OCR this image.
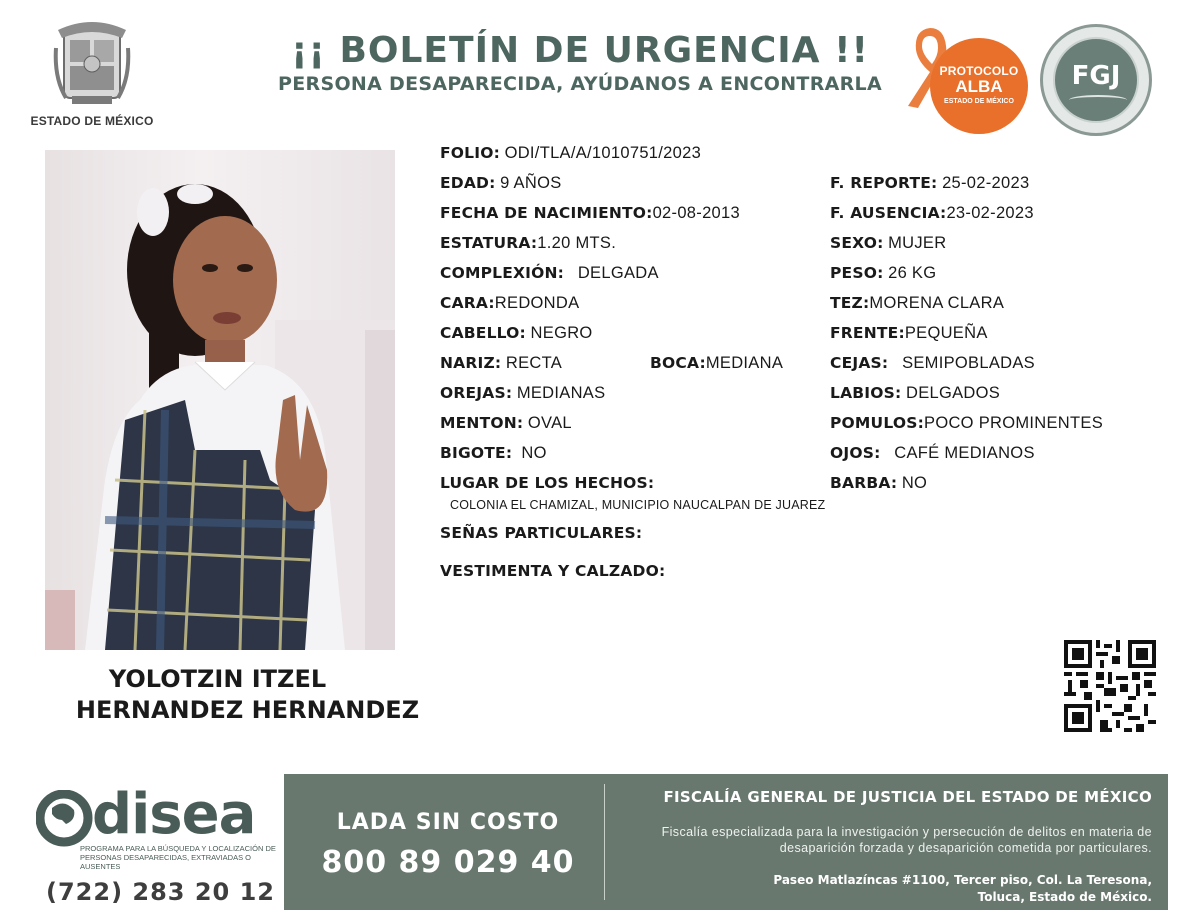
ESTADO DE MÉXICO
¡¡ BOLETÍN DE URGENCIA !!
PERSONA DESAPARECIDA, AYÚDANOS A ENCONTRARLA
PROTOCOLO
ALBA
ESTADO DE MÉXICO
FGJ
YOLOTZIN ITZEL
HERNANDEZ HERNANDEZ
FOLIO: ODI/TLA/A/1010751/2023
EDAD: 9 AÑOS	F. REPORTE: 25-02-2023
FECHA DE NACIMIENTO:02-08-2013	F. AUSENCIA:23-02-2023
ESTATURA:1.20 MTS.	SEXO: MUJER
COMPLEXIÓN: DELGADA	PESO: 26 KG
CARA:REDONDA	TEZ:MORENA CLARA
CABELLO: NEGRO	FRENTE:PEQUEÑA
NARIZ: RECTA	BOCA:MEDIANA	CEJAS: SEMIPOBLADAS
OREJAS: MEDIANAS	LABIOS: DELGADOS
MENTON: OVAL	POMULOS:POCO PROMINENTES
BIGOTE: NO	OJOS: CAFÉ MEDIANOS
LUGAR DE LOS HECHOS:	BARBA: NO
COLONIA EL CHAMIZAL, MUNICIPIO NAUCALPAN DE JUAREZ
SEÑAS PARTICULARES:
VESTIMENTA Y CALZADO:
disea
PROGRAMA PARA LA BÚSQUEDA Y LOCALIZACIÓN DE PERSONAS DESAPARECIDAS, EXTRAVIADAS O AUSENTES
(722) 283 20 12
LADA SIN COSTO
800 89 029 40
FISCALÍA GENERAL DE JUSTICIA DEL ESTADO DE MÉXICO
Fiscalía especializada para la investigación y persecución de delitos en materia de desaparición forzada y desaparición cometida por particulares.
Paseo Matlazíncas #1100, Tercer piso, Col. La Teresona,
Toluca, Estado de México.
